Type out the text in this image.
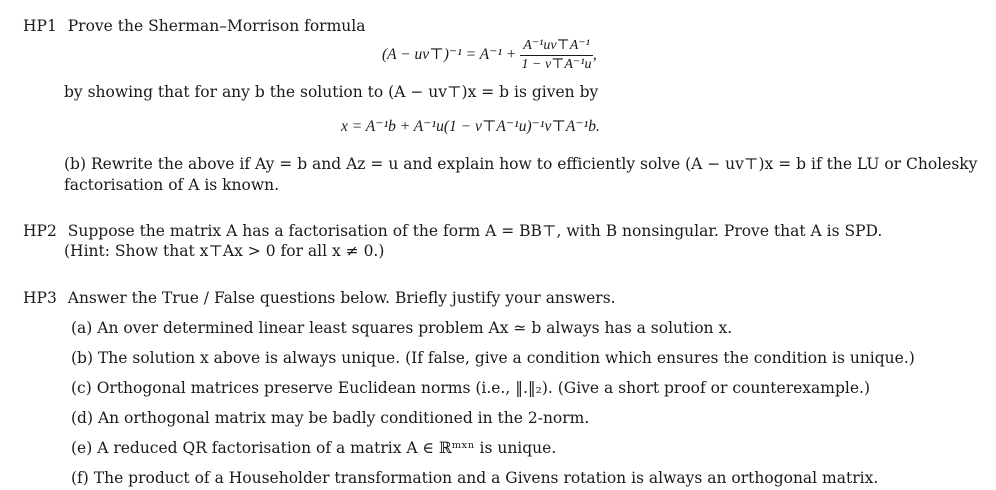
HP1 Prove the Sherman–Morrison formula
(A − uv⊤)⁻¹ = $A^{-1} + \frac{\text{A⁻¹uv⊤A⁻¹}}{\text{1 − v⊤A⁻¹u}}$ ,
by showing that for any b the solution to (A − uv⊤)x = b is given by
x = A⁻¹b + A⁻¹u(1 − v⊤A⁻¹u)⁻¹v⊤A⁻¹b.
(b) Rewrite the above if Ay = b and Az = u and explain how to efficiently solve (A − uv⊤)x = b if the LU or Cholesky
factorisation of A is known.
HP2 Suppose the matrix A has a factorisation of the form A = BB⊤, with B nonsingular. Prove that A is SPD.
(Hint: Show that x⊤Ax > 0 for all x ≠ 0.)
HP3 Answer the True / False questions below. Briefly justify your answers.
(a) An over determined linear least squares problem Ax ≃ b always has a solution x.
(b) The solution x above is always unique. (If false, give a condition which ensures the condition is unique.)
(c) Orthogonal matrices preserve Euclidean norms (i.e., ‖.‖₂). (Give a short proof or counterexample.)
(d) An orthogonal matrix may be badly conditioned in the 2-norm.
(e) A reduced QR factorisation of a matrix A ∈ ℝᵐˣⁿ is unique.
(f) The product of a Householder transformation and a Givens rotation is always an orthogonal matrix.
